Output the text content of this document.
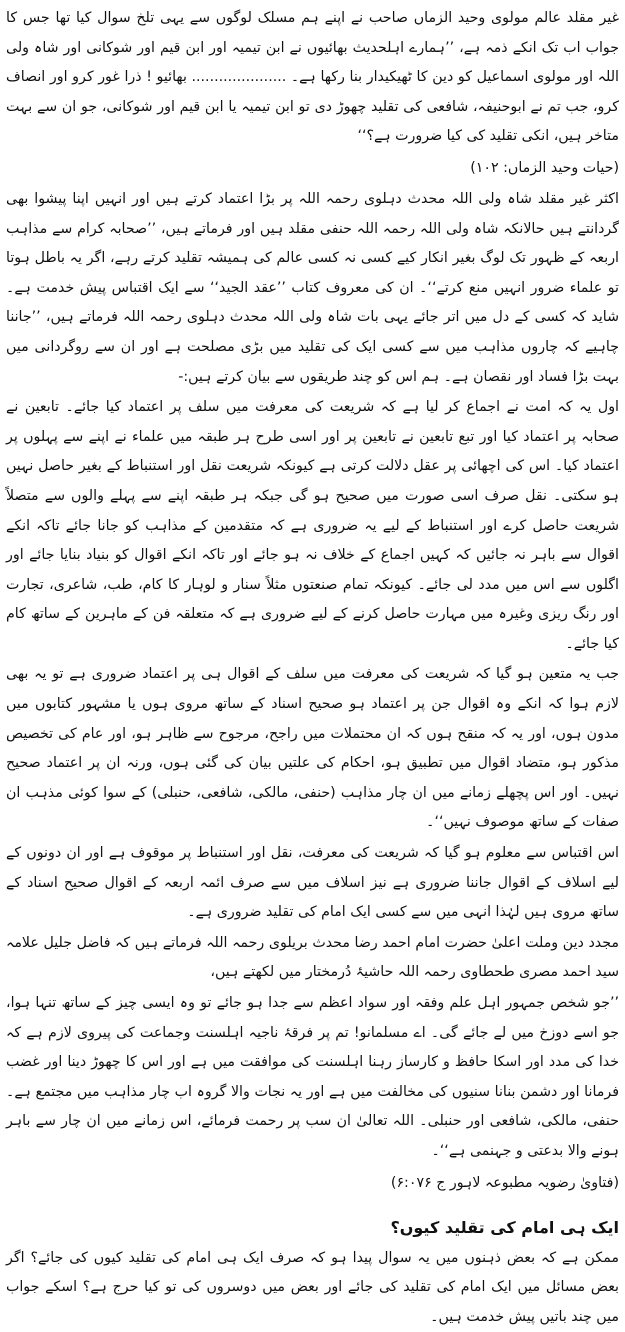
غیر مقلد عالم مولوی وحید الزماں صاحب نے اپنے ہم مسلک لوگوں سے یہی تلخ سوال کیا تھا جس کا جواب اب تک انکے ذمہ ہے، ’’ہمارے اہلحدیث بھائیوں نے ابن تیمیہ اور ابن قیم اور شوکانی اور شاہ ولی اللہ اور مولوی اسماعیل کو دین کا ٹھیکیدار بنا رکھا ہے۔ ..................... بھائیو ! ذرا غور کرو اور انصاف کرو، جب تم نے ابوحنیفہ، شافعی کی تقلید چھوڑ دی تو ابن تیمیہ یا ابن قیم اور شوکانی، جو ان سے بہت متاخر ہیں، انکی تقلید کی کیا ضرورت ہے؟‘‘

(حیات وحید الزماں: ۱۰۲)

اکثر غیر مقلد شاہ ولی اللہ محدث دہلوی رحمہ اللہ پر بڑا اعتماد کرتے ہیں اور انہیں اپنا پیشوا بھی گردانتے ہیں حالانکہ شاہ ولی اللہ رحمہ اللہ حنفی مقلد ہیں اور فرماتے ہیں، ’’صحابہ کرام سے مذاہب اربعہ کے ظہور تک لوگ بغیر انکار کیے کسی نہ کسی عالم کی ہمیشہ تقلید کرتے رہے، اگر یہ باطل ہوتا تو علماء ضرور انہیں منع کرتے‘‘۔ ان کی معروف کتاب ’’عقد الجید‘‘ سے ایک اقتباس پیش خدمت ہے۔ شاید کہ کسی کے دل میں اتر جائے یہی بات شاہ ولی اللہ محدث دہلوی رحمہ اللہ فرماتے ہیں، ’’جاننا چاہیے کہ چاروں مذاہب میں سے کسی ایک کی تقلید میں بڑی مصلحت ہے اور ان سے روگردانی میں بہت بڑا فساد اور نقصان ہے۔ ہم اس کو چند طریقوں سے بیان کرتے ہیں:-

اول یہ کہ امت نے اجماع کر لیا ہے کہ شریعت کی معرفت میں سلف پر اعتماد کیا جائے۔ تابعین نے صحابہ پر اعتماد کیا اور تبع تابعین نے تابعین پر اور اسی طرح ہر طبقہ میں علماء نے اپنے سے پہلوں پر اعتماد کیا۔ اس کی اچھائی پر عقل دلالت کرتی ہے کیونکہ شریعت نقل اور استنباط کے بغیر حاصل نہیں ہو سکتی۔ نقل صرف اسی صورت میں صحیح ہو گی جبکہ ہر طبقہ اپنے سے پہلے والوں سے متصلاً شریعت حاصل کرے اور استنباط کے لیے یہ ضروری ہے کہ متقدمین کے مذاہب کو جانا جائے تاکہ انکے اقوال سے باہر نہ جائیں کہ کہیں اجماع کے خلاف نہ ہو جائے اور تاکہ انکے اقوال کو بنیاد بنایا جائے اور اگلوں سے اس میں مدد لی جائے۔ کیونکہ تمام صنعتوں مثلاً سنار و لوہار کا کام، طب، شاعری، تجارت اور رنگ ریزی وغیرہ میں مہارت حاصل کرنے کے لیے ضروری ہے کہ متعلقہ فن کے ماہرین کے ساتھ کام کیا جائے۔

جب یہ متعین ہو گیا کہ شریعت کی معرفت میں سلف کے اقوال ہی پر اعتماد ضروری ہے تو یہ بھی لازم ہوا کہ انکے وہ اقوال جن پر اعتماد ہو صحیح اسناد کے ساتھ مروی ہوں یا مشہور کتابوں میں مدون ہوں، اور یہ کہ منقح ہوں کہ ان محتملات میں راجح، مرجوح سے ظاہر ہو، اور عام کی تخصیص مذکور ہو، متضاد اقوال میں تطبیق ہو، احکام کی علتیں بیان کی گئی ہوں، ورنہ ان پر اعتماد صحیح نہیں۔ اور اس پچھلے زمانے میں ان چار مذاہب (حنفی، مالکی، شافعی، حنبلی) کے سوا کوئی مذہب ان صفات کے ساتھ موصوف نہیں‘‘۔

اس اقتباس سے معلوم ہو گیا کہ شریعت کی معرفت، نقل اور استنباط پر موقوف ہے اور ان دونوں کے لیے اسلاف کے اقوال جاننا ضروری ہے نیز اسلاف میں سے صرف ائمہ اربعہ کے اقوال صحیح اسناد کے ساتھ مروی ہیں لہٰذا انہی میں سے کسی ایک امام کی تقلید ضروری ہے۔

مجدد دین وملت اعلیٰ حضرت امام احمد رضا محدث بریلوی رحمہ اللہ فرماتے ہیں کہ فاضل جلیل علامہ سید احمد مصری طحطاوی رحمہ اللہ حاشیۂ دُرمختار میں لکھتے ہیں،

’’جو شخص جمہور اہل علم وفقہ اور سواد اعظم سے جدا ہو جائے تو وہ ایسی چیز کے ساتھ تنہا ہوا، جو اسے دوزخ میں لے جائے گی۔ اے مسلمانو! تم پر فرقۂ ناجیہ اہلسنت وجماعت کی پیروی لازم ہے کہ خدا کی مدد اور اسکا حافظ و کارساز رہنا اہلسنت کی موافقت میں ہے اور اس کا چھوڑ دینا اور غضب فرمانا اور دشمن بنانا سنیوں کی مخالفت میں ہے اور یہ نجات والا گروہ اب چار مذاہب میں مجتمع ہے۔ حنفی، مالکی، شافعی اور حنبلی۔ اللہ تعالیٰ ان سب پر رحمت فرمائے، اس زمانے میں ان چار سے باہر ہونے والا بدعتی و جہنمی ہے‘‘۔

(فتاویٰ رضویہ مطبوعہ لاہور ج ۶:۰۷۶)

ایک ہی امام کی تقلید کیوں؟

ممکن ہے کہ بعض ذہنوں میں یہ سوال پیدا ہو کہ صرف ایک ہی امام کی تقلید کیوں کی جائے؟ اگر بعض مسائل میں ایک امام کی تقلید کی جائے اور بعض میں دوسروں کی تو کیا حرج ہے؟ اسکے جواب میں چند باتیں پیش خدمت ہیں۔
